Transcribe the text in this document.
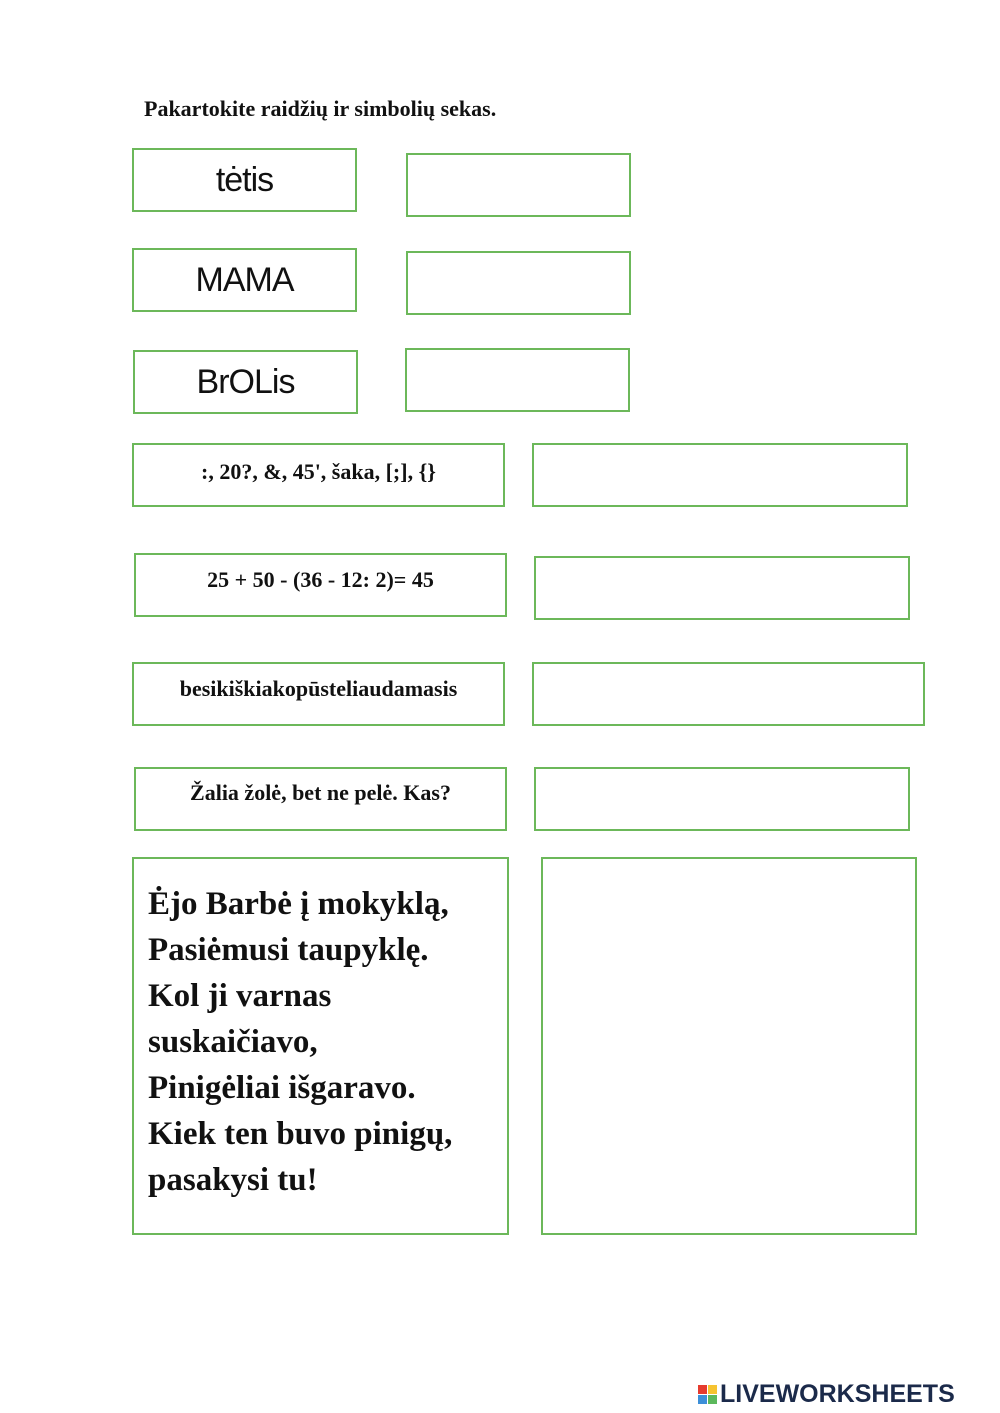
Pakartokite raidžių ir simbolių sekas.
tėtis
MAMA
BrOLis
:, 20?, &, 45', šaka, [;], {}
25 + 50 - (36 - 12: 2)= 45
besikiškiakopūsteliaudamasis
Žalia žolė, bet ne pelė. Kas?
Ėjo Barbė į mokyklą,
Pasiėmusi taupyklę.
Kol ji varnas
suskaičiavo,
Pinigėliai išgaravo.
Kiek ten buvo pinigų,
pasakysi tu!
LIVEWORKSHEETS
